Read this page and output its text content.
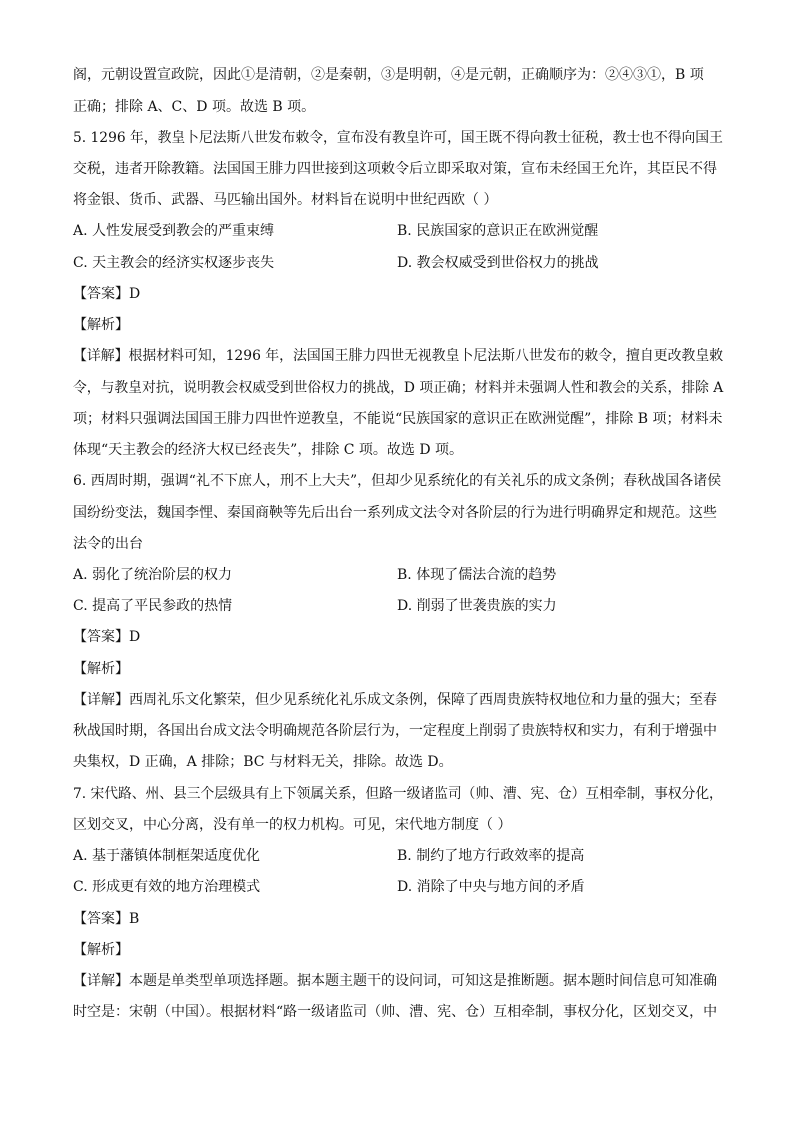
阁，元朝设置宣政院，因此①是清朝，②是秦朝，③是明朝，④是元朝，正确顺序为：②④③①，B 项
正确；排除 A、C、D 项。故选 B 项。
5. 1296 年，教皇卜尼法斯八世发布敕令，宣布没有教皇许可，国王既不得向教士征税，教士也不得向国王
交税，违者开除教籍。法国国王腓力四世接到这项敕令后立即采取对策，宣布未经国王允许，其臣民不得
将金银、货币、武器、马匹输出国外。材料旨在说明中世纪西欧（ ）
A. 人性发展受到教会的严重束缚	B. 民族国家的意识正在欧洲觉醒
C. 天主教会的经济实权逐步丧失	D. 教会权威受到世俗权力的挑战
【答案】D
【解析】
【详解】根据材料可知，1296 年，法国国王腓力四世无视教皇卜尼法斯八世发布的敕令，擅自更改教皇敕
令，与教皇对抗，说明教会权威受到世俗权力的挑战，D 项正确；材料并未强调人性和教会的关系，排除 A
项；材料只强调法国国王腓力四世忤逆教皇，不能说“民族国家的意识正在欧洲觉醒”，排除 B 项；材料未
体现“天主教会的经济大权已经丧失”，排除 C 项。故选 D 项。
6. 西周时期，强调“礼不下庶人，刑不上大夫”，但却少见系统化的有关礼乐的成文条例；春秋战国各诸侯
国纷纷变法，魏国李悝、秦国商鞅等先后出台一系列成文法令对各阶层的行为进行明确界定和规范。这些
法令的出台
A. 弱化了统治阶层的权力	B. 体现了儒法合流的趋势
C. 提高了平民参政的热情	D. 削弱了世袭贵族的实力
【答案】D
【解析】
【详解】西周礼乐文化繁荣，但少见系统化礼乐成文条例，保障了西周贵族特权地位和力量的强大；至春
秋战国时期，各国出台成文法令明确规范各阶层行为，一定程度上削弱了贵族特权和实力，有利于增强中
央集权，D 正确，A 排除；BC 与材料无关，排除。故选 D。
7. 宋代路、州、县三个层级具有上下领属关系，但路一级诸监司（帅、漕、宪、仓）互相牵制，事权分化，
区划交叉，中心分离，没有单一的权力机构。可见，宋代地方制度（ ）
A. 基于藩镇体制框架适度优化	B. 制约了地方行政效率的提高
C. 形成更有效的地方治理模式	D. 消除了中央与地方间的矛盾
【答案】B
【解析】
【详解】本题是单类型单项选择题。据本题主题干的设问词，可知这是推断题。据本题时间信息可知准确
时空是：宋朝（中国）。根据材料“路一级诸监司（帅、漕、宪、仓）互相牵制，事权分化，区划交叉，中
